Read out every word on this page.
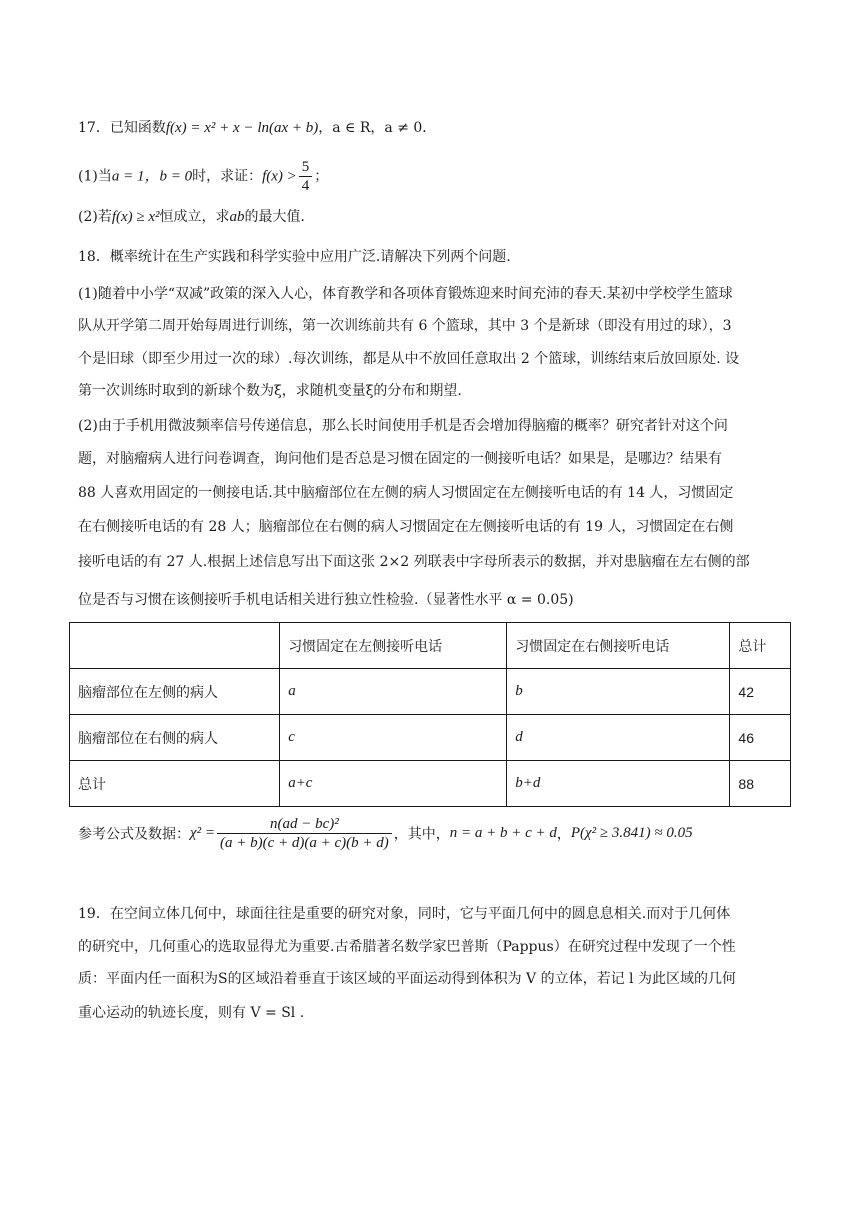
17．已知函数f(x) = x² + x − ln(ax + b)，a ∈ R，a ≠ 0．
(1)当a = 1，b = 0时，求证：$f(x) > \frac{5}{4}$ ；
(2)若f(x) ≥ x²恒成立，求ab的最大值．
18．概率统计在生产实践和科学实验中应用广泛.请解决下列两个问题.
(1)随着中小学“双减”政策的深入人心，体育教学和各项体育锻炼迎来时间充沛的春天.某初中学校学生篮球
队从开学第二周开始每周进行训练，第一次训练前共有 6 个篮球，其中 3 个是新球（即没有用过的球），3
个是旧球（即至少用过一次的球）.每次训练，都是从中不放回任意取出 2 个篮球，训练结束后放回原处. 设
第一次训练时取到的新球个数为ξ，求随机变量ξ的分布和期望.
(2)由于手机用微波频率信号传递信息，那么长时间使用手机是否会增加得脑瘤的概率？研究者针对这个问
题，对脑瘤病人进行问卷调查，询问他们是否总是习惯在固定的一侧接听电话？如果是，是哪边？结果有
88 人喜欢用固定的一侧接电话.其中脑瘤部位在左侧的病人习惯固定在左侧接听电话的有 14 人，习惯固定
在右侧接听电话的有 28 人；脑瘤部位在右侧的病人习惯固定在左侧接听电话的有 19 人，习惯固定在右侧
接听电话的有 27 人.根据上述信息写出下面这张 2×2 列联表中字母所表示的数据，并对患脑瘤在左右侧的部
位是否与习惯在该侧接听手机电话相关进行独立性检验.（显著性水平 α = 0.05)
	习惯固定在左侧接听电话	习惯固定在右侧接听电话	总计
脑瘤部位在左侧的病人	a	b	42
脑瘤部位在右侧的病人	c	d	46
总计	a+c	b+d	88
参考公式及数据：$\chi^2 = \frac{\text{n(ad − bc)²}}{(a + b)(c + d)(a + c)(b + d)}$ ，其中，n = a + b + c + d，P(χ² ≥ 3.841) ≈ 0.05
19．在空间立体几何中，球面往往是重要的研究对象，同时，它与平面几何中的圆息息相关.而对于几何体
的研究中，几何重心的选取显得尤为重要.古希腊著名数学家巴普斯（Pappus）在研究过程中发现了一个性
质：平面内任一面积为S的区域沿着垂直于该区域的平面运动得到体积为 V 的立体，若记 l 为此区域的几何
重心运动的轨迹长度，则有 V = Sl .
